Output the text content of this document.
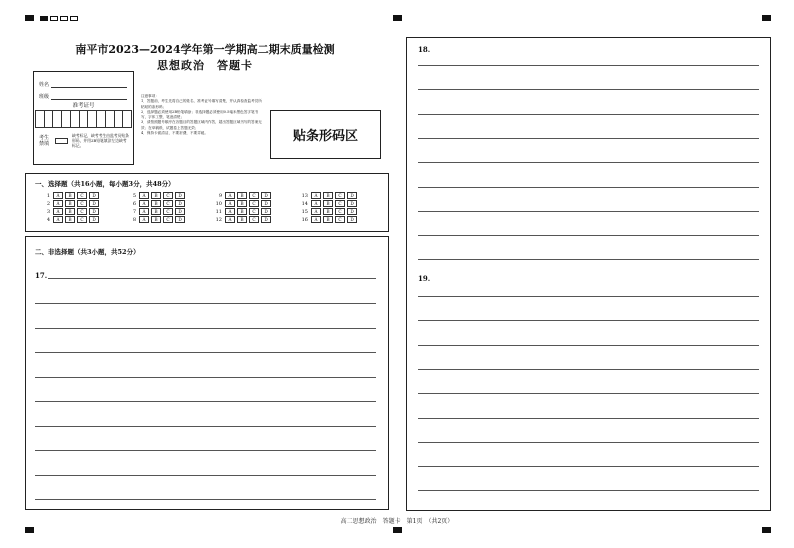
南平市2023—2024学年第一学期高二期末质量检测
思想政治　答题卡
姓名
班级
准考证号
考生
禁填
缺考标记，缺考考生由监考员贴条形码，并用2B铅笔填涂左边缺考标记。
注意事项：
1．答题前，考生先将自己的姓名、准考证号填写清楚，并认真检查监考员所粘贴的条形码；
2．选择题必须使用2B铅笔填涂；非选择题必须使用0.5毫米黑色签字笔书写，字体工整，笔迹清楚；
3．请按照题号顺序在各题目的答题区域内作答，超出答题区域书写的答案无效；在草稿纸、试题卷上答题无效；
4．保持卡面清洁，不要折叠，不要弄破。	贴条形码区
一、选择题（共16小题，每小题3分，共48分）
1	A	B	C	D
2	A	B	C	D
3	A	B	C	D
4	A	B	C	D
5	A	B	C	D
6	A	B	C	D
7	A	B	C	D
8	A	B	C	D
9	A	B	C	D
10	A	B	C	D
11	A	B	C	D
12	A	B	C	D
13	A	B	C	D
14	A	B	C	D
15	A	B	C	D
16	A	B	C	D
二、非选择题（共3小题，共52分）
17.
18.
19.
高二思想政治　答题卡　第1页　（共2页）
